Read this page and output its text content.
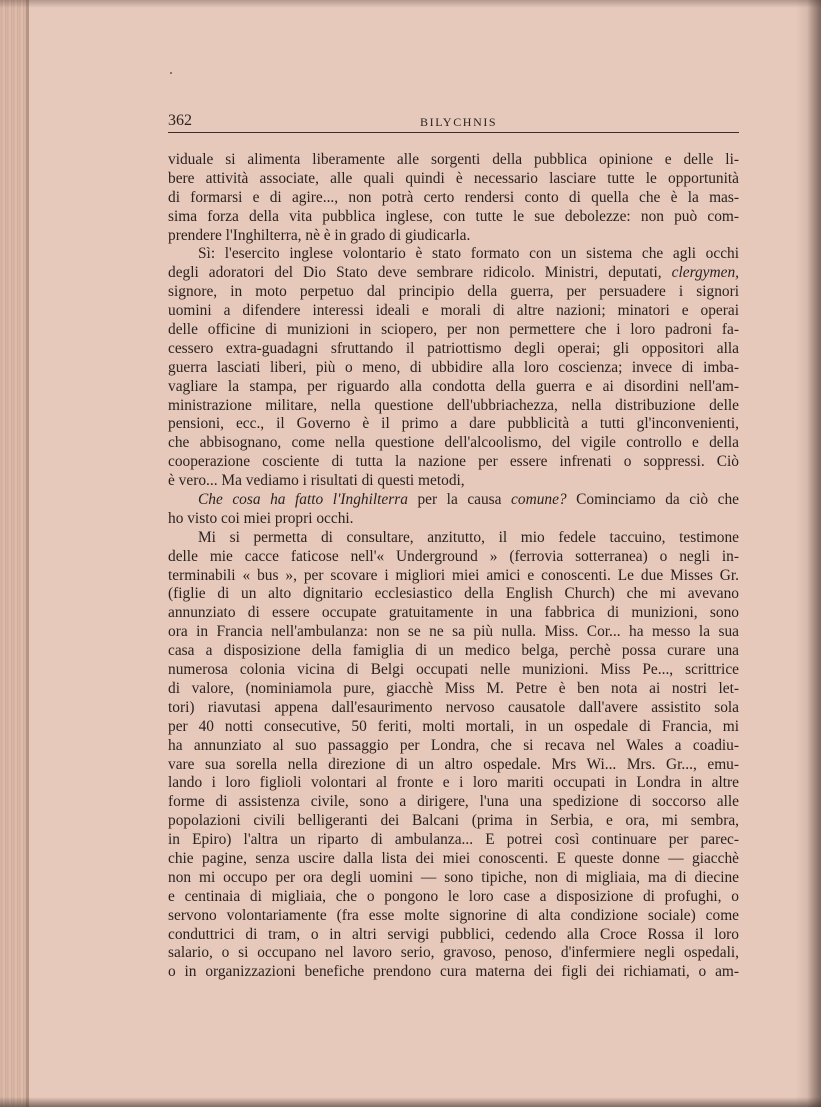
362	BILYCHNIS
viduale si alimenta liberamente alle sorgenti della pubblica opinione e delle li-
bere attività associate, alle quali quindi è necessario lasciare tutte le opportunità
di formarsi e di agire..., non potrà certo rendersi conto di quella che è la mas-
sima forza della vita pubblica inglese, con tutte le sue debolezze: non può com-
prendere l'Inghilterra, nè è in grado di giudicarla.
Sì: l'esercito inglese volontario è stato formato con un sistema che agli occhi
degli adoratori del Dio Stato deve sembrare ridicolo. Ministri, deputati, clergymen,
signore, in moto perpetuo dal principio della guerra, per persuadere i signori
uomini a difendere interessi ideali e morali di altre nazioni; minatori e operai
delle officine di munizioni in sciopero, per non permettere che i loro padroni fa-
cessero extra-guadagni sfruttando il patriottismo degli operai; gli oppositori alla
guerra lasciati liberi, più o meno, di ubbidire alla loro coscienza; invece di imba-
vagliare la stampa, per riguardo alla condotta della guerra e ai disordini nell'am-
ministrazione militare, nella questione dell'ubbriachezza, nella distribuzione delle
pensioni, ecc., il Governo è il primo a dare pubblicità a tutti gl'inconvenienti,
che abbisognano, come nella questione dell'alcoolismo, del vigile controllo e della
cooperazione cosciente di tutta la nazione per essere infrenati o soppressi. Ciò
è vero... Ma vediamo i risultati di questi metodi,
Che cosa ha fatto l'Inghilterra per la causa comune? Cominciamo da ciò che
ho visto coi miei propri occhi.
Mi si permetta di consultare, anzitutto, il mio fedele taccuino, testimone
delle mie cacce faticose nell'« Underground » (ferrovia sotterranea) o negli in-
terminabili « bus », per scovare i migliori miei amici e conoscenti. Le due Misses Gr.
(figlie di un alto dignitario ecclesiastico della English Church) che mi avevano
annunziato di essere occupate gratuitamente in una fabbrica di munizioni, sono
ora in Francia nell'ambulanza: non se ne sa più nulla. Miss. Cor... ha messo la sua
casa a disposizione della famiglia di un medico belga, perchè possa curare una
numerosa colonia vicina di Belgi occupati nelle munizioni. Miss Pe..., scrittrice
di valore, (nominiamola pure, giacchè Miss M. Petre è ben nota ai nostri let-
tori) riavutasi appena dall'esaurimento nervoso causatole dall'avere assistito sola
per 40 notti consecutive, 50 feriti, molti mortali, in un ospedale di Francia, mi
ha annunziato al suo passaggio per Londra, che si recava nel Wales a coadiu-
vare sua sorella nella direzione di un altro ospedale. Mrs Wi... Mrs. Gr..., emu-
lando i loro figlioli volontari al fronte e i loro mariti occupati in Londra in altre
forme di assistenza civile, sono a dirigere, l'una una spedizione di soccorso alle
popolazioni civili belligeranti dei Balcani (prima in Serbia, e ora, mi sembra,
in Epiro) l'altra un riparto di ambulanza... E potrei così continuare per parec-
chie pagine, senza uscire dalla lista dei miei conoscenti. E queste donne — giacchè
non mi occupo per ora degli uomini — sono tipiche, non di migliaia, ma di diecine
e centinaia di migliaia, che o pongono le loro case a disposizione di profughi, o
servono volontariamente (fra esse molte signorine di alta condizione sociale) come
conduttrici di tram, o in altri servigi pubblici, cedendo alla Croce Rossa il loro
salario, o si occupano nel lavoro serio, gravoso, penoso, d'infermiere negli ospedali,
o in organizzazioni benefiche prendono cura materna dei figli dei richiamati, o am-
